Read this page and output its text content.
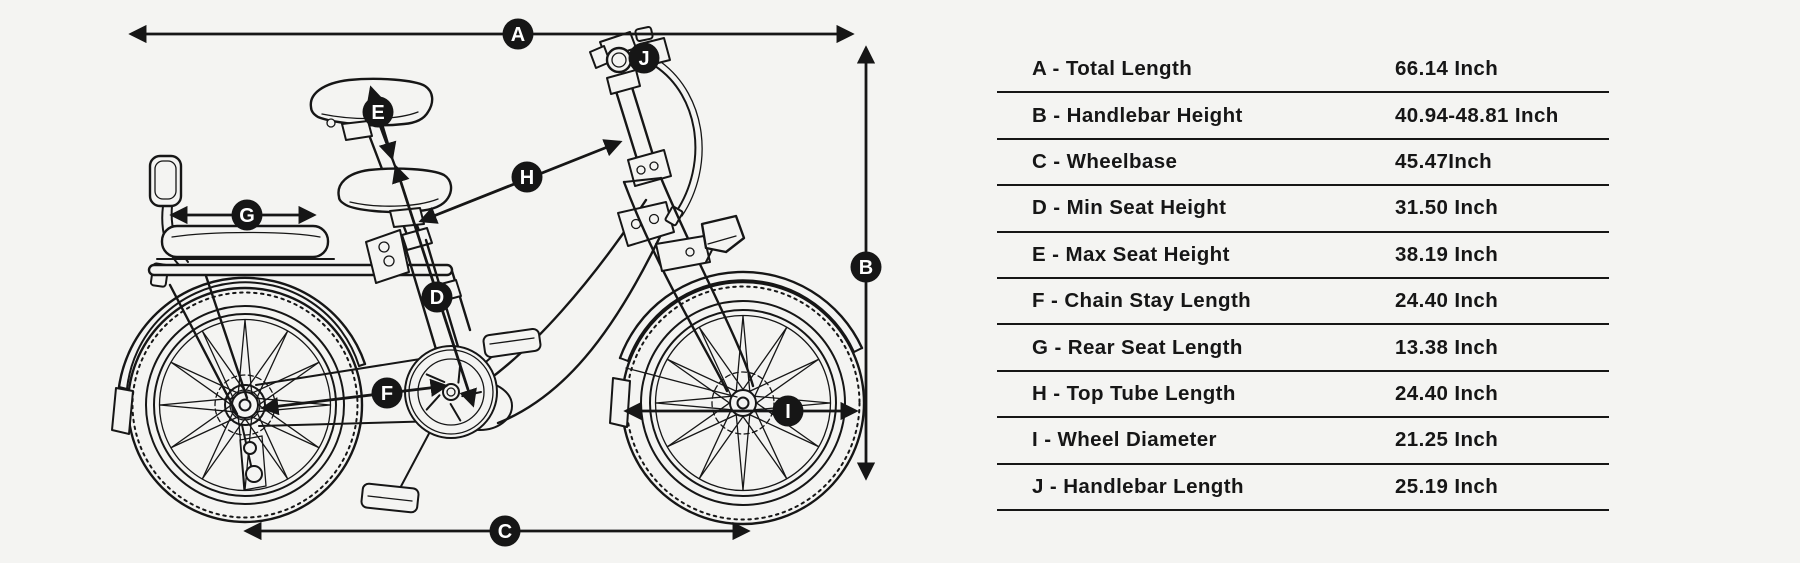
A
B
C
D
E
F
G
H
I
J	A - Total Length	66.14 Inch
B - Handlebar Height	40.94-48.81 Inch
C - Wheelbase	45.47Inch
D - Min Seat Height	31.50 Inch
E - Max Seat Height	38.19 Inch
F - Chain Stay Length	24.40 Inch
G - Rear Seat Length	13.38 Inch
H - Top Tube Length	24.40 Inch
I - Wheel Diameter	21.25 Inch
J - Handlebar Length	25.19 Inch
